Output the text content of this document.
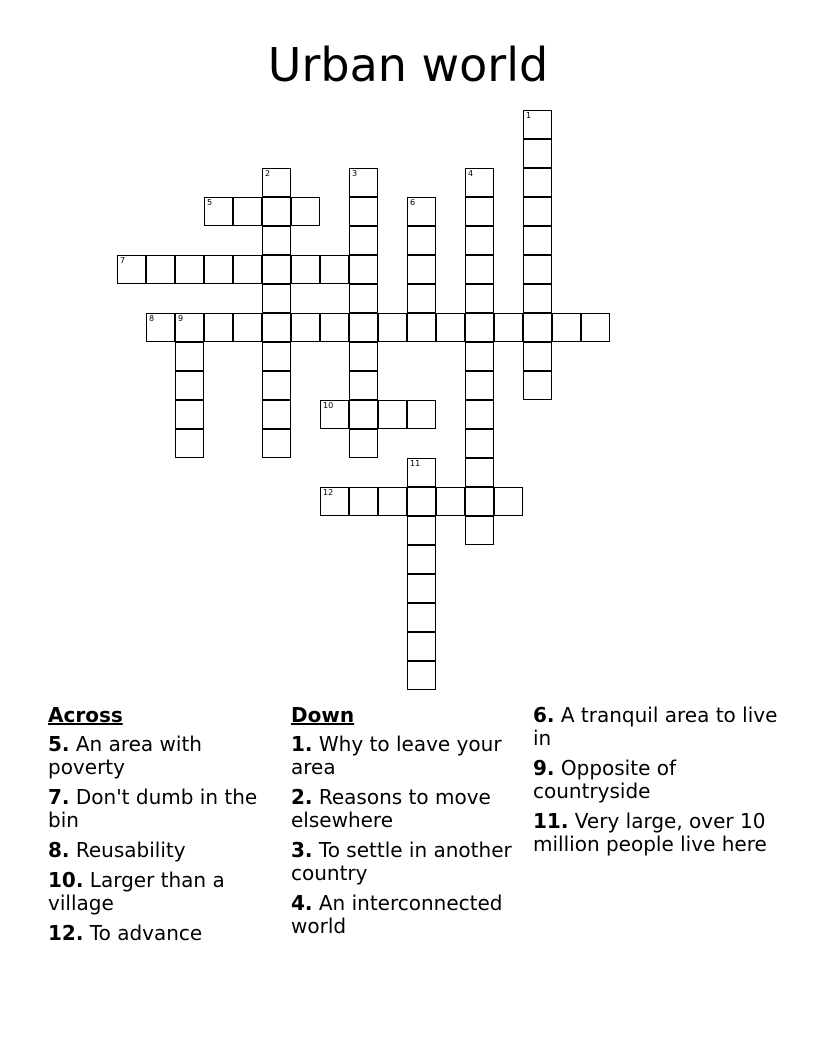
Urban world
1
2	3	4
5	6
7
8	9
10
11
12
Across
5. An area with poverty
7. Don't dumb in the bin
8. Reusability
10. Larger than a village
12. To advance
Down
1. Why to leave your area
2. Reasons to move elsewhere
3. To settle in another country
4. An interconnected world
6. A tranquil area to live in
9. Opposite of countryside
11. Very large, over 10 million people live here
